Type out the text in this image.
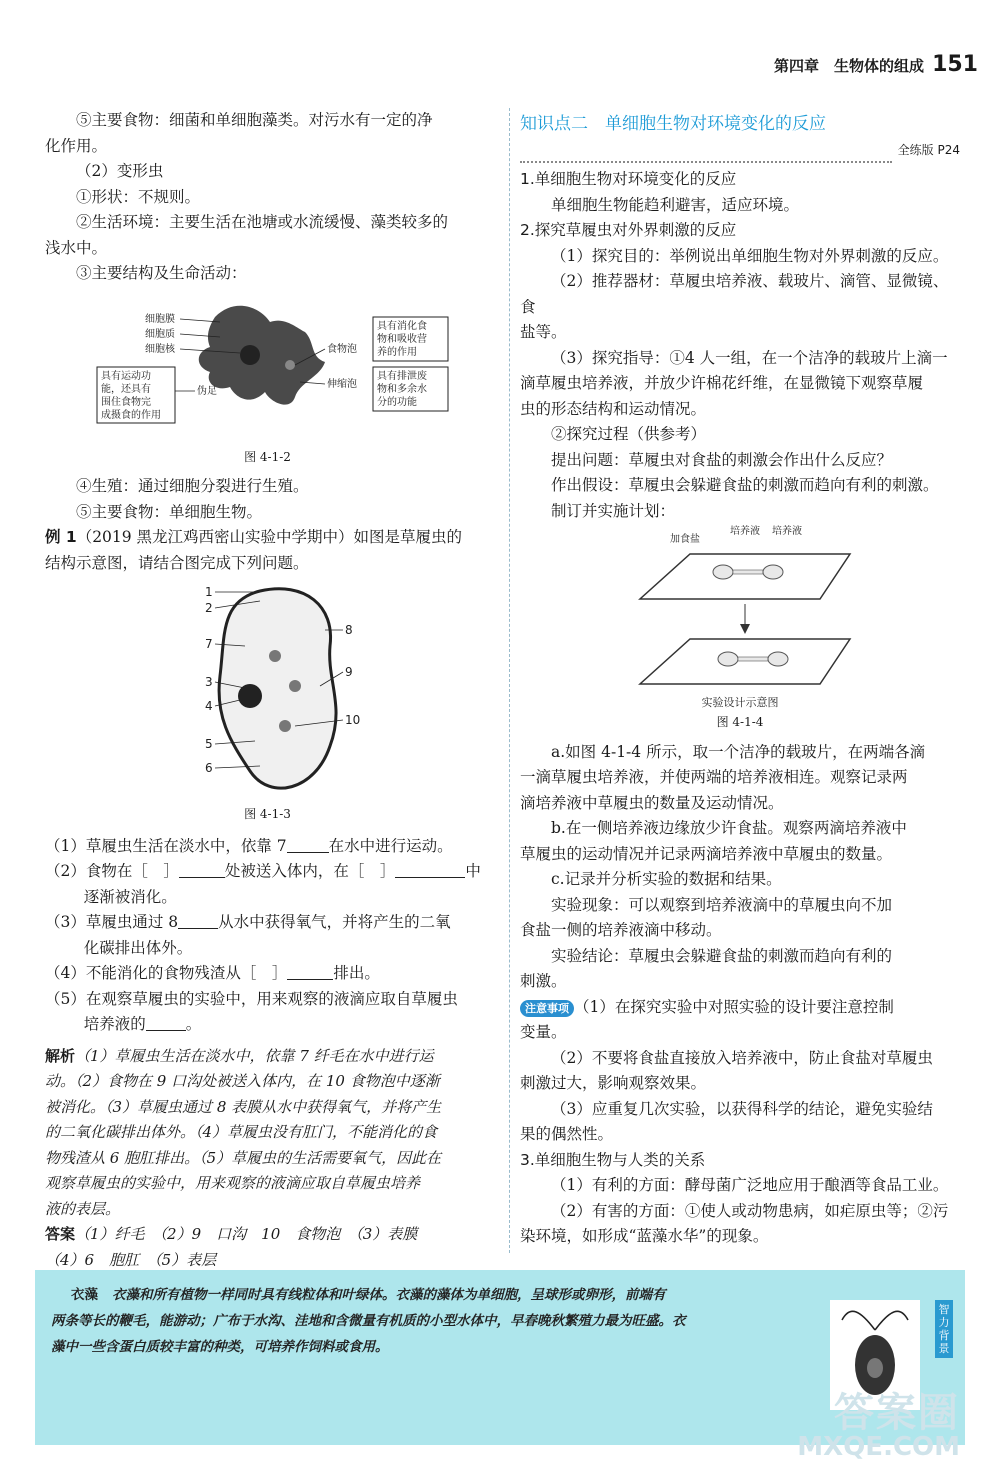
第四章　 生物体的组成 151

⑤主要食物：细菌和单细胞藻类。对污水有一定的净

化作用。

（2）变形虫

①形状：不规则。

②生活环境：主要生活在池塘或水流缓慢、藻类较多的

浅水中。

③主要结构及生命活动：

细胞膜
细胞质
细胞核
伪足
食物泡
伸缩泡
具有消化食
物和吸收营
养的作用
具有排泄废
物和多余水
分的功能
具有运动功
能，还具有
围住食物完
成摄食的作用

图 4-1-2

④生殖：通过细胞分裂进行生殖。

⑤主要食物：单细胞生物。

例 1（2019 黑龙江鸡西密山实验中学期中）如图是草履虫的

结构示意图，请结合图完成下列问题。

1
2
7
3
4
5
6
8
9
10

图 4-1-3

（1）草履虫生活在淡水中，依靠 7	在水中进行运动。

（2）食物在［　］	处被送入体内，在［　］	中

逐渐被消化。

（3）草履虫通过 8	从水中获得氧气，并将产生的二氧

化碳排出体外。

（4）不能消化的食物残渣从［　］	排出。

（5）在观察草履虫的实验中，用来观察的液滴应取自草履虫

培养液的	。

解析（1）草履虫生活在淡水中，依靠 7 纤毛在水中进行运

动。（2）食物在 9 口沟处被送入体内，在 10 食物泡中逐渐

被消化。（3）草履虫通过 8 表膜从水中获得氧气，并将产生

的二氧化碳排出体外。（4）草履虫没有肛门，不能消化的食

物残渣从 6 胞肛排出。（5）草履虫的生活需要氧气，因此在

观察草履虫的实验中，用来观察的液滴应取自草履虫培养

液的表层。

答案（1）纤毛　（2）9　口沟　10　食物泡　（3）表膜

（4）6　胞肛　（5）表层

知识点二　单细胞生物对环境变化的反应

全练版 P24

1.单细胞生物对环境变化的反应

单细胞生物能趋利避害，适应环境。

2.探究草履虫对外界刺激的反应

（1）探究目的：举例说出单细胞生物对外界刺激的反应。

（2）推荐器材：草履虫培养液、载玻片、滴管、显微镜、食

盐等。

（3）探究指导：①4 人一组，在一个洁净的载玻片上滴一

滴草履虫培养液，并放少许棉花纤维，在显微镜下观察草履

虫的形态结构和运动情况。

②探究过程（供参考）

提出问题：草履虫对食盐的刺激会作出什么反应？

作出假设：草履虫会躲避食盐的刺激而趋向有利的刺激。

制订并实施计划：

加食盐
培养液 培养液
实验设计示意图

图 4-1-4

a.如图 4-1-4 所示，取一个洁净的载玻片，在两端各滴

一滴草履虫培养液，并使两端的培养液相连。观察记录两

滴培养液中草履虫的数量及运动情况。

b.在一侧培养液边缘放少许食盐。观察两滴培养液中

草履虫的运动情况并记录两滴培养液中草履虫的数量。

c.记录并分析实验的数据和结果。

实验现象：可以观察到培养液滴中的草履虫向不加

食盐一侧的培养液滴中移动。

实验结论：草履虫会躲避食盐的刺激而趋向有利的

刺激。

注意事项 （1）在探究实验中对照实验的设计要注意控制

变量。

（2）不要将食盐直接放入培养液中，防止食盐对草履虫

刺激过大，影响观察效果。

（3）应重复几次实验，以获得科学的结论，避免实验结

果的偶然性。

3.单细胞生物与人类的关系

（1）有利的方面：酵母菌广泛地应用于酿酒等食品工业。

（2）有害的方面：①使人或动物患病，如疟原虫等；②污

染环境，如形成“蓝藻水华”的现象。

衣藻 衣藻和所有植物一样同时具有线粒体和叶绿体。衣藻的藻体为单细胞，呈球形或卵形，前端有
两条等长的鞭毛，能游动；广布于水沟、洼地和含微量有机质的小型水体中，早春晚秋繁殖力最为旺盛。衣
藻中一些含蛋白质较丰富的种类，可培养作饲料或食用。
智力背景
答案圈
MXQE.COM
